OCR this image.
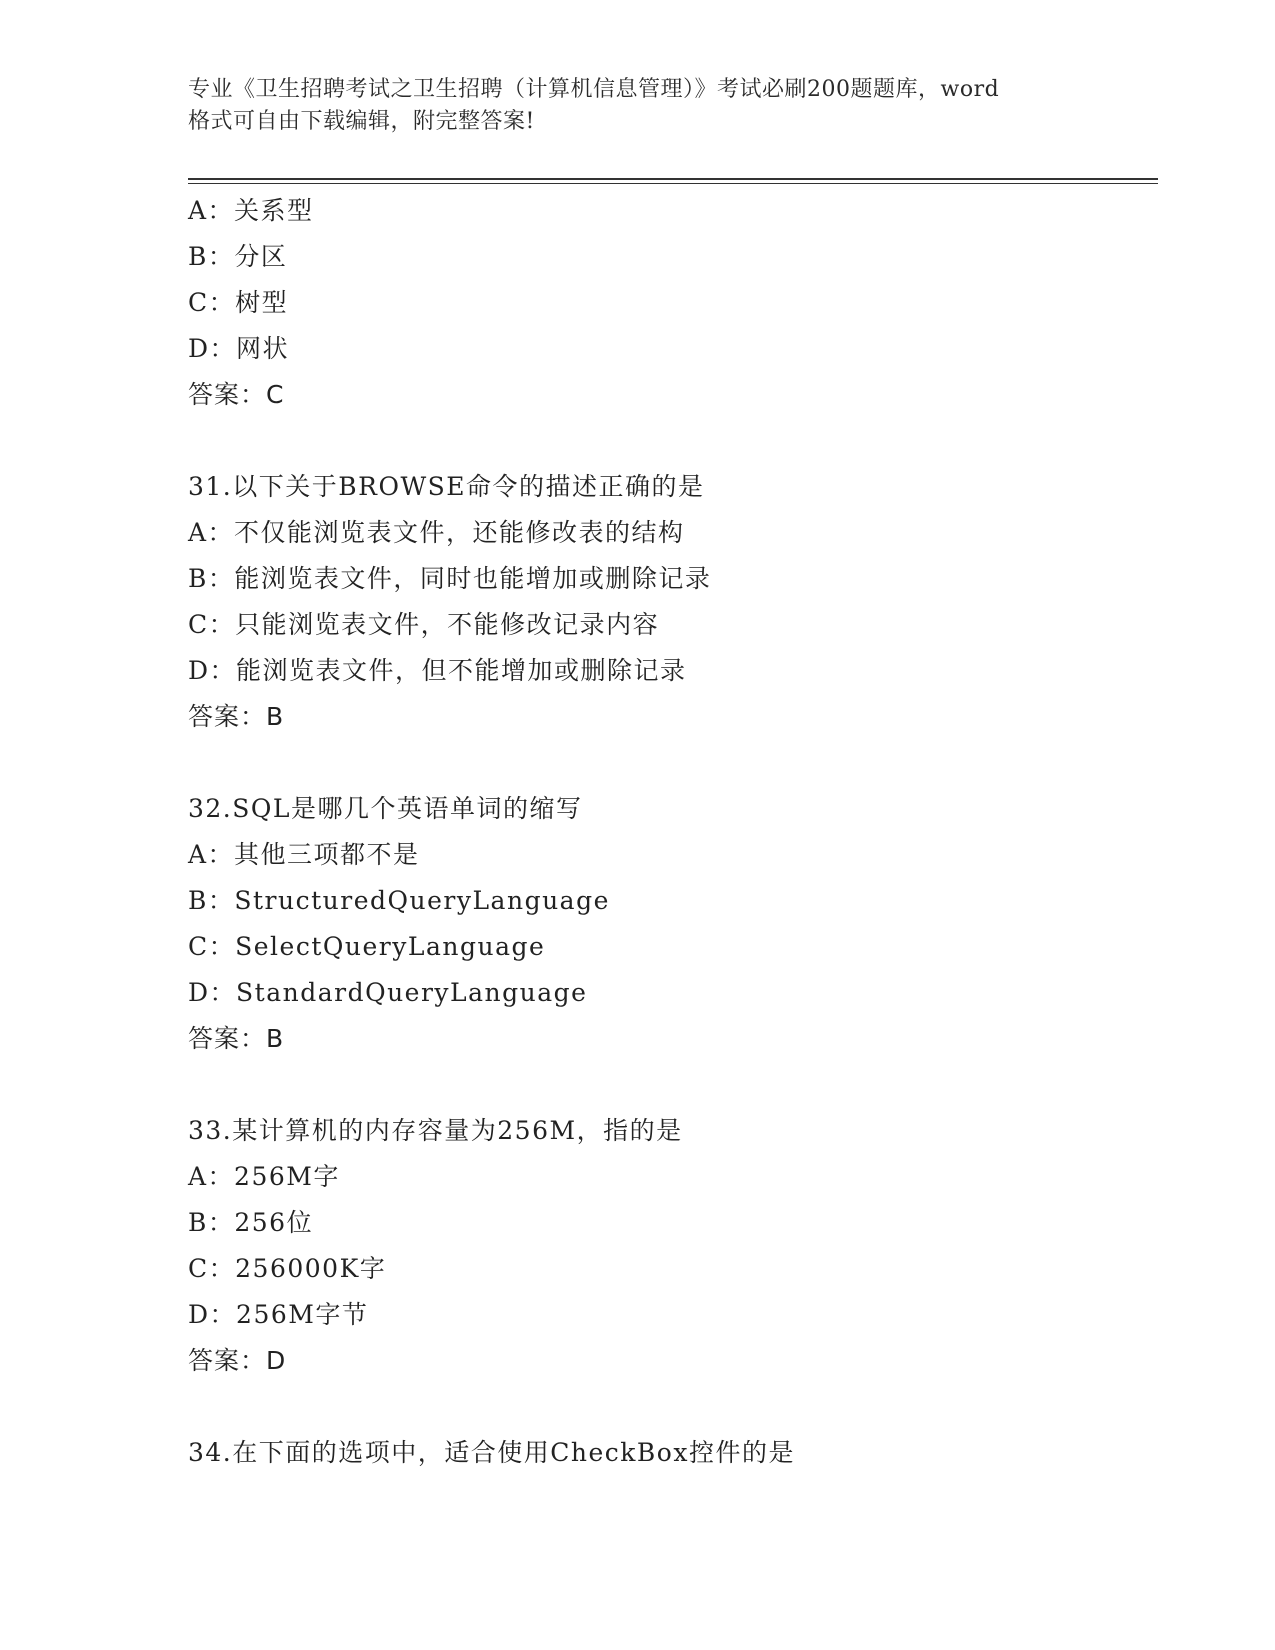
专业《卫生招聘考试之卫生招聘（计算机信息管理）》考试必刷200题题库，word
格式可自由下载编辑，附完整答案!
A：关系型
B：分区
C：树型
D：网状
答案：C
31.以下关于BROWSE命令的描述正确的是
A：不仅能浏览表文件，还能修改表的结构
B：能浏览表文件，同时也能增加或删除记录
C：只能浏览表文件，不能修改记录内容
D：能浏览表文件，但不能增加或删除记录
答案：B
32.SQL是哪几个英语单词的缩写
A：其他三项都不是
B：StructuredQueryLanguage
C：SelectQueryLanguage
D：StandardQueryLanguage
答案：B
33.某计算机的内存容量为256M，指的是
A：256M字
B：256位
C：256000K字
D：256M字节
答案：D
34.在下面的选项中，适合使用CheckBox控件的是
